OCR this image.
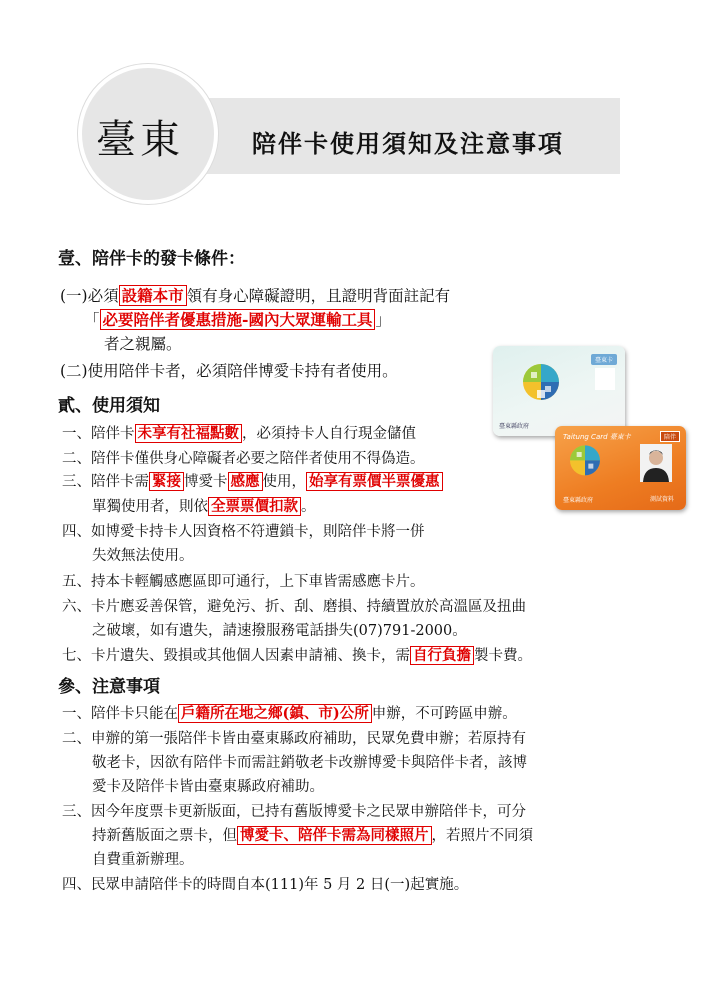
臺東	陪伴卡使用須知及注意事項
壹、陪伴卡的發卡條件：
(一)必須 設籍本市 領有身心障礙證明，且證明背面註記有
「 必要陪伴者優惠措施-國內大眾運輸工具 」
者之親屬。
(二)使用陪伴卡者，必須陪伴博愛卡持有者使用。
貳、使用須知
一、陪伴卡 未享有社福點數 ，必須持卡人自行現金儲值
二、陪伴卡僅供身心障礙者必要之陪伴者使用不得偽造。
三、陪伴卡需 緊接 博愛卡 感應 使用， 始享有票價半票優惠
單獨使用者，則依 全票票價扣款 。
四、如博愛卡持卡人因資格不符遭鎖卡，則陪伴卡將一併
失效無法使用。
五、持本卡輕觸感應區即可通行，上下車皆需感應卡片。
六、卡片應妥善保管，避免污、折、刮、磨損、持續置放於高溫區及扭曲
之破壞，如有遺失，請速撥服務電話掛失(07)791-2000。
七、卡片遺失、毀損或其他個人因素申請補、換卡，需 自行負擔 製卡費。
參、注意事項
一、陪伴卡只能在 戶籍所在地之鄉(鎮、市)公所 申辦，不可跨區申辦。
二、申辦的第一張陪伴卡皆由臺東縣政府補助，民眾免費申辦；若原持有
敬老卡，因欲有陪伴卡而需註銷敬老卡改辦博愛卡與陪伴卡者，該博
愛卡及陪伴卡皆由臺東縣政府補助。
三、因今年度票卡更新版面，已持有舊版博愛卡之民眾申辦陪伴卡，可分
持新舊版面之票卡，但 博愛卡、陪伴卡需為同樣照片 ，若照片不同須
自費重新辦理。
四、民眾申請陪伴卡的時間自本(111)年 5 月 2 日(一)起實施。
臺東卡
臺東縣政府
Taitung Card 臺東卡	陪伴
臺東縣政府	測試資料
